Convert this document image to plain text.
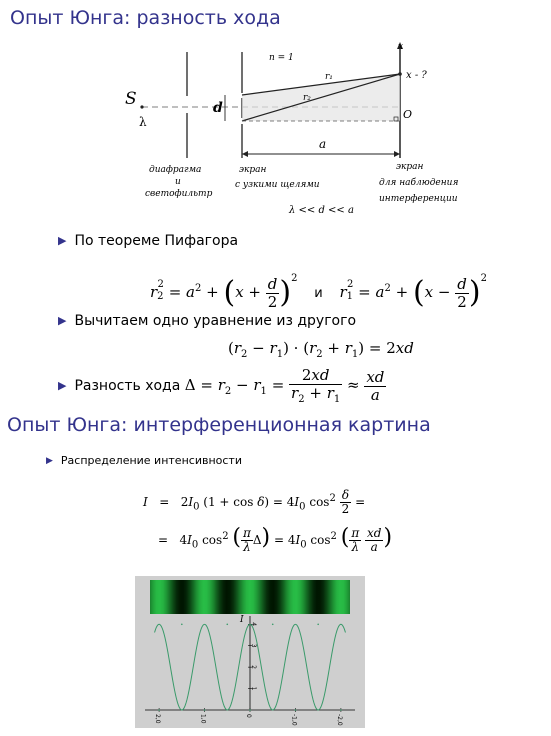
Опыт Юнга: разность хода
S
λ
n = 1
r₁
r₂
d
x
x - ?
O
a
диафрагма
и
светофильтр
экран
с узкими щелями
экран
для наблюдения
интерференции
λ << d << a
▶ По теореме Пифагора
$r_2^2 = a^2 + (x + \frac{d}{2} )^2$ и $r_1^2 = a^2 + (x - \frac{d}{2} )^2$
▶ Вычитаем одно уравнение из другого
$(r_2 - r_1) \cdot (r_2 + r_1) = 2xd$
▶ Разность хода $\Delta = r_2 - r_1 = \frac{2xd}{r_2 + r_1} \approx \frac{xd}{a}$
Опыт Юнга: интерференционная картина
▶ Распределение интенсивности
$I = 2I_0$ $(1 + \cos \delta) = 4I_0$ $\cos^2 \frac{\delta}{2}$ =
=   $4I_0$ $\cos^2$ ( $\frac{\pi}{\lambda} \Delta) = 4I_0$ $\cos^2$ ( $\frac{\pi}{\lambda}$
$\frac{xd}{a}$ )
I
1
2
3
4
2,0	1,0	0	-1,0	-2,0
